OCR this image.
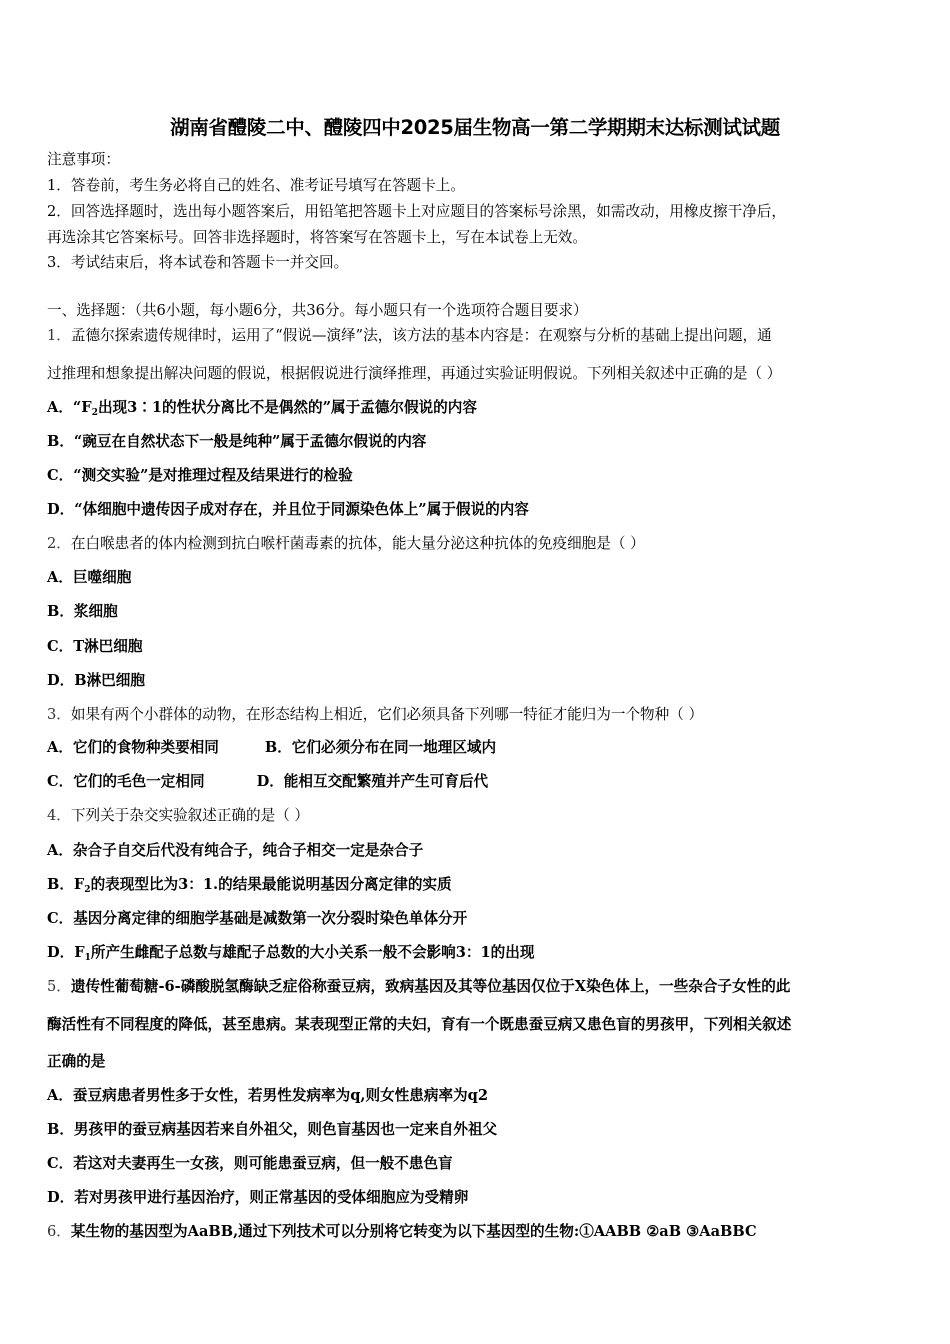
湖南省醴陵二中、醴陵四中2025届生物高一第二学期期末达标测试试题
注意事项：
1．答卷前，考生务必将自己的姓名、准考证号填写在答题卡上。
2．回答选择题时，选出每小题答案后，用铅笔把答题卡上对应题目的答案标号涂黑，如需改动，用橡皮擦干净后，
再选涂其它答案标号。回答非选择题时，将答案写在答题卡上，写在本试卷上无效。
3．考试结束后，将本试卷和答题卡一并交回。
一、选择题：（共6小题，每小题6分，共36分。每小题只有一个选项符合题目要求）
1．孟德尔探索遗传规律时，运用了“假说—演绎”法，该方法的基本内容是：在观察与分析的基础上提出问题，通
过推理和想象提出解决问题的假说，根据假说进行演绎推理，再通过实验证明假说。下列相关叙述中正确的是（ ）
A．“$F_2$出现3∶1的性状分离比不是偶然的”属于孟德尔假说的内容
B．“豌豆在自然状态下一般是纯种”属于孟德尔假说的内容
C．“测交实验”是对推理过程及结果进行的检验
D．“体细胞中遗传因子成对存在，并且位于同源染色体上”属于假说的内容
2．在白喉患者的体内检测到抗白喉杆菌毒素的抗体，能大量分泌这种抗体的免疫细胞是（ ）
A．巨噬细胞
B．浆细胞
C．T淋巴细胞
D．B淋巴细胞
3．如果有两个小群体的动物，在形态结构上相近，它们必须具备下列哪一特征才能归为一个物种（ ）
A．它们的食物种类要相同	B．它们必须分布在同一地理区域内
C．它们的毛色一定相同	D．能相互交配繁殖并产生可育后代
4．下列关于杂交实验叙述正确的是（ ）
A．杂合子自交后代没有纯合子，纯合子相交一定是杂合子
B．$F_2$的表现型比为3：1.的结果最能说明基因分离定律的实质
C．基因分离定律的细胞学基础是减数第一次分裂时染色单体分开
D．$F_1$所产生雌配子总数与雄配子总数的大小关系一般不会影响3：1的出现
5．遗传性葡萄糖-6-磷酸脱氢酶缺乏症俗称蚕豆病，致病基因及其等位基因仅位于X染色体上，一些杂合子女性的此
酶活性有不同程度的降低，甚至患病。某表现型正常的夫妇，育有一个既患蚕豆病又患色盲的男孩甲，下列相关叙述
正确的是
A．蚕豆病患者男性多于女性，若男性发病率为q,则女性患病率为q2
B．男孩甲的蚕豆病基因若来自外祖父，则色盲基因也一定来自外祖父
C．若这对夫妻再生一女孩，则可能患蚕豆病，但一般不患色盲
D．若对男孩甲进行基因治疗，则正常基因的受体细胞应为受精卵
6．某生物的基因型为AaBB,通过下列技术可以分别将它转变为以下基因型的生物:①AABB ②aB ③AaBBC
